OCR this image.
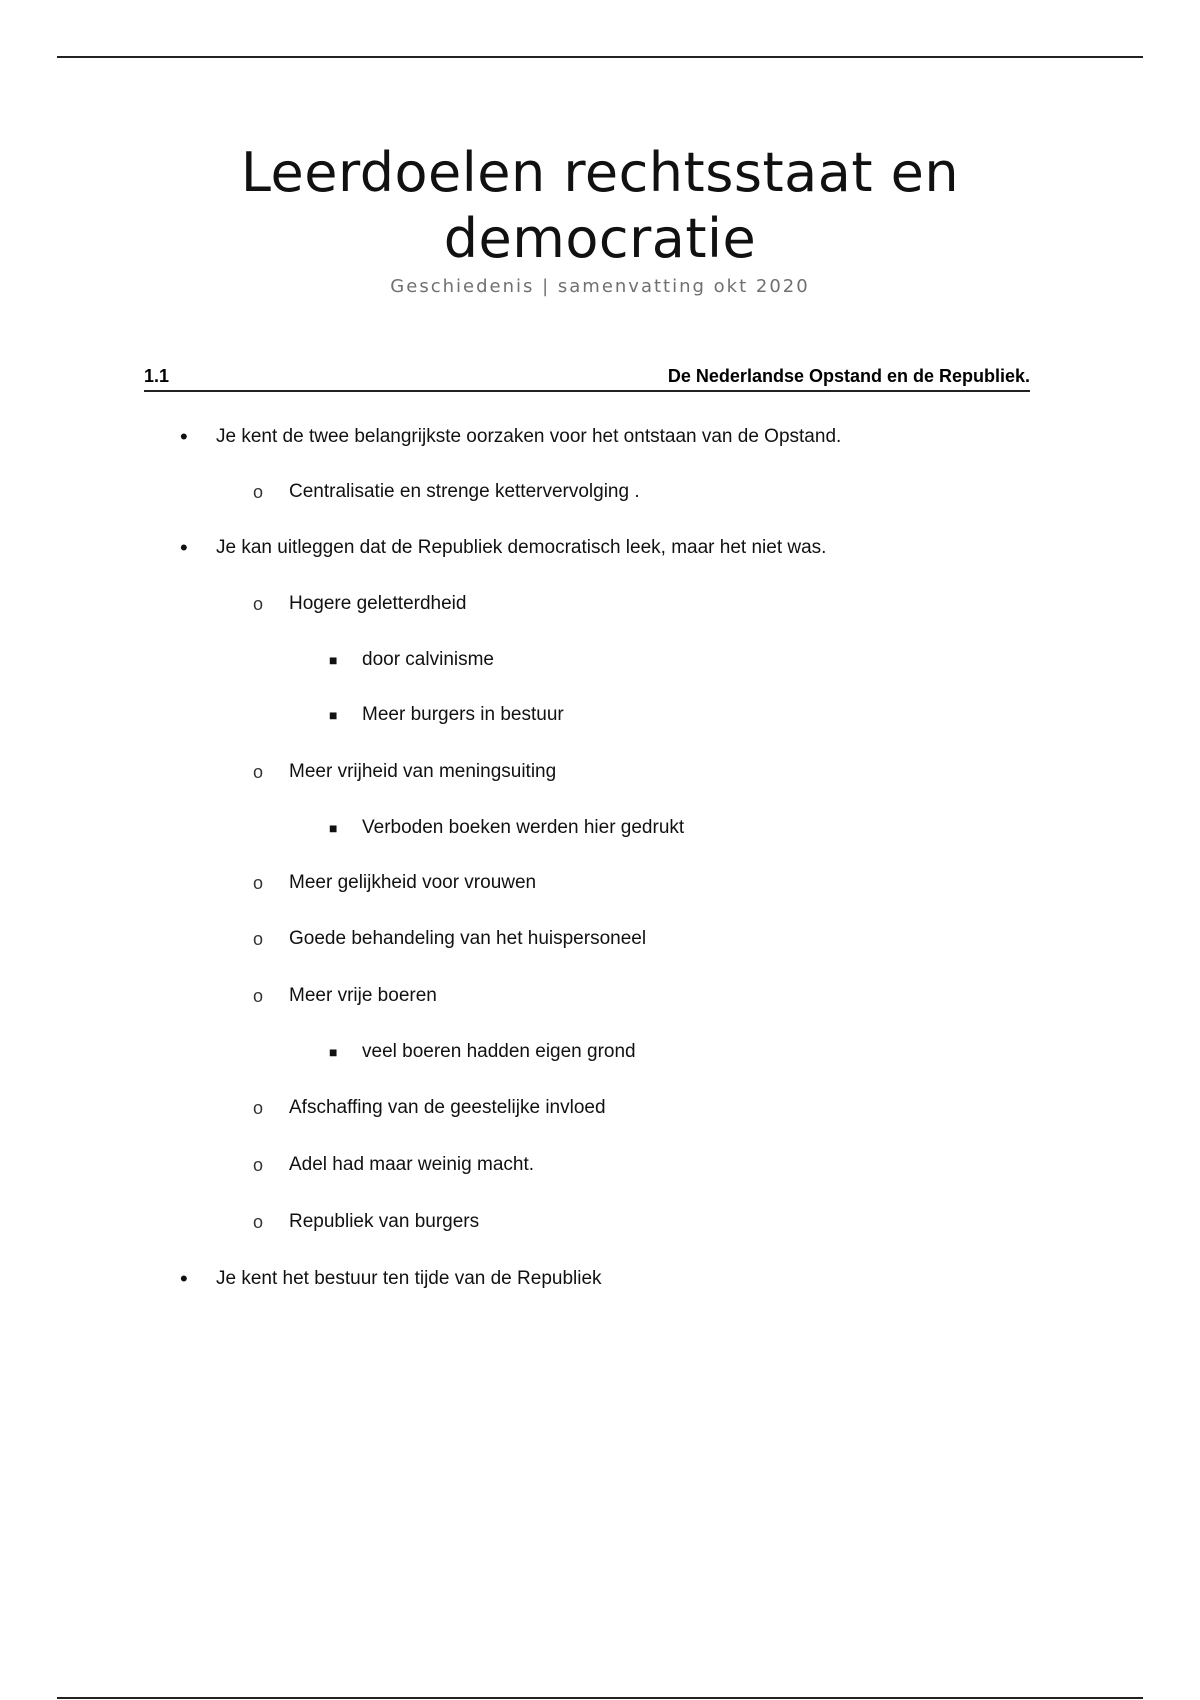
Leerdoelen rechtsstaat en
democratie
Geschiedenis | samenvatting okt 2020
1.1	De Nederlandse Opstand en de Republiek.
• Je kent de twee belangrijkste oorzaken voor het ontstaan van de Opstand.
o Centralisatie en strenge kettervervolging .
• Je kan uitleggen dat de Republiek democratisch leek, maar het niet was.
o Hogere geletterdheid
■ door calvinisme
■ Meer burgers in bestuur
o Meer vrijheid van meningsuiting
■ Verboden boeken werden hier gedrukt
o Meer gelijkheid voor vrouwen
o Goede behandeling van het huispersoneel
o Meer vrije boeren
■ veel boeren hadden eigen grond
o Afschaffing van de geestelijke invloed
o Adel had maar weinig macht.
o Republiek van burgers
• Je kent het bestuur ten tijde van de Republiek
